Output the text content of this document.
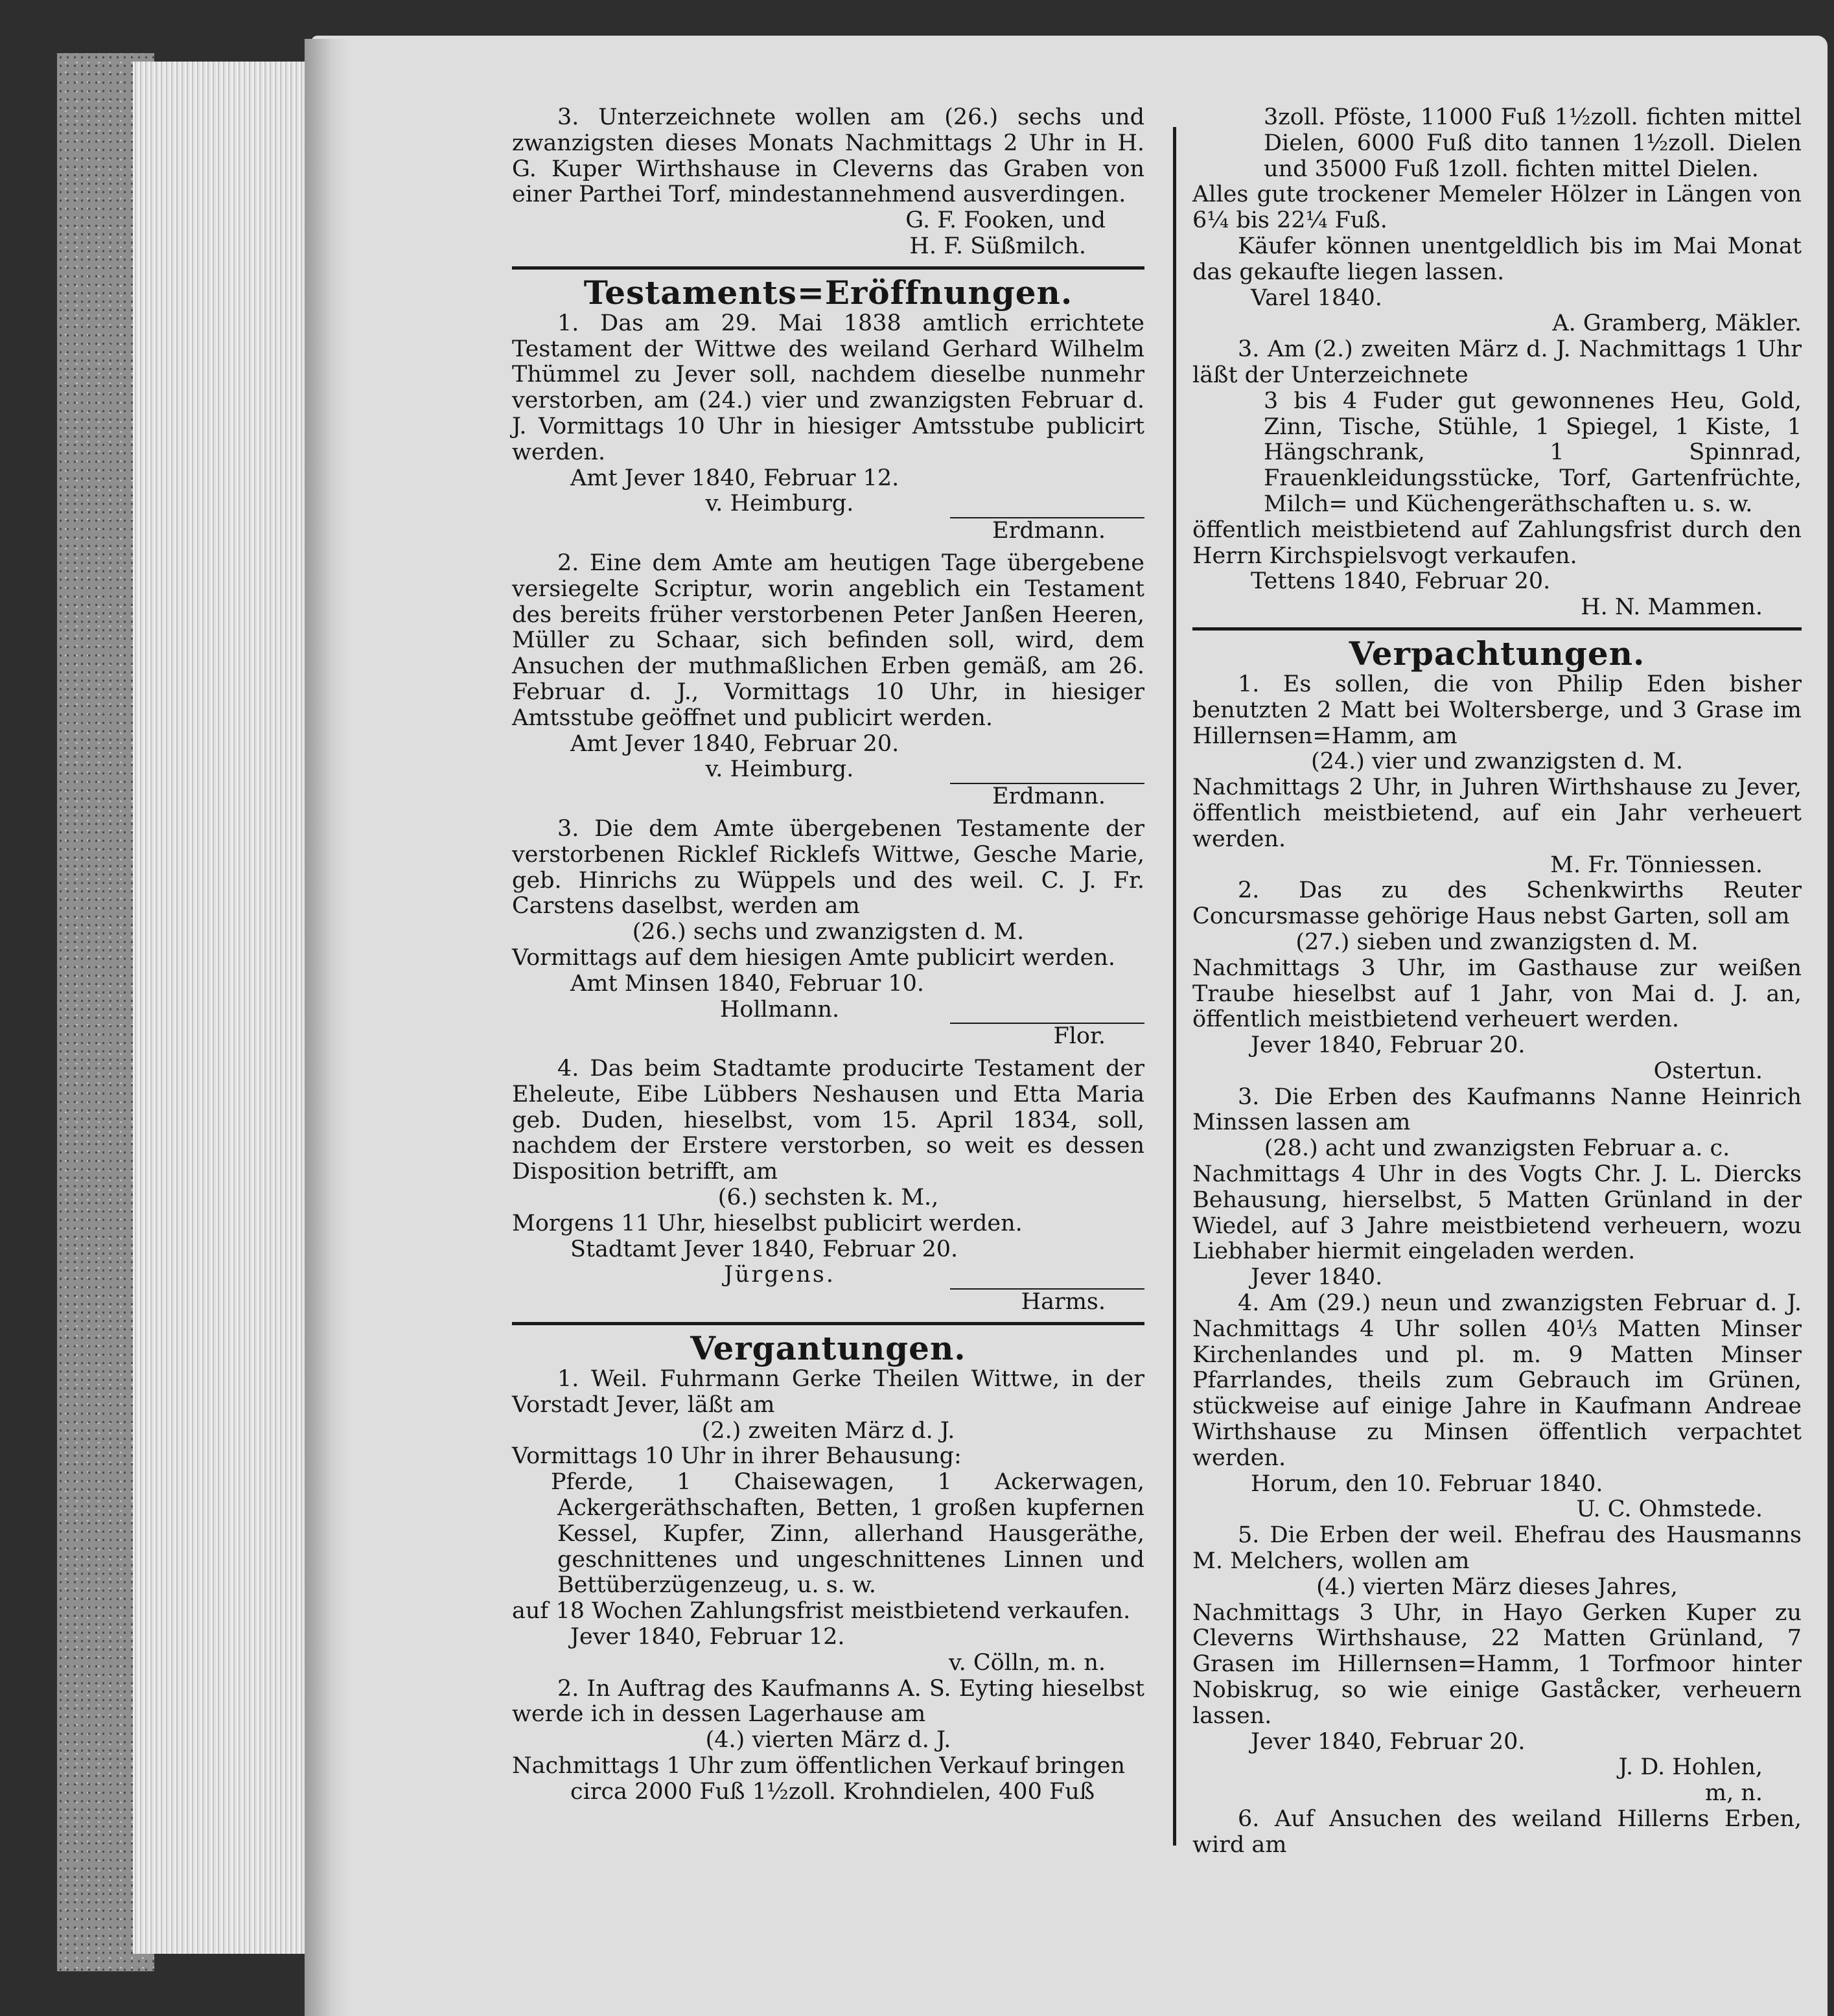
3. Unterzeichnete wollen am (26.) sechs und zwanzigsten dieses Monats Nachmittags 2 Uhr in H. G. Kuper Wirthshause in Cleverns das Graben von einer Parthei Torf, mindestannehmend ausverdingen.

G. F. Fooken, und

H. F. Süßmilch.

Testaments=Eröffnungen.

1. Das am 29. Mai 1838 amtlich errichtete Testament der Wittwe des weiland Gerhard Wilhelm Thümmel zu Jever soll, nachdem dieselbe nunmehr verstorben, am (24.) vier und zwanzigsten Februar d. J. Vormittags 10 Uhr in hiesiger Amtsstube publicirt werden.

Amt Jever 1840, Februar 12.

v. Heimburg.

Erdmann.

2. Eine dem Amte am heutigen Tage übergebene versiegelte Scriptur, worin angeblich ein Testament des bereits früher verstorbenen Peter Janßen Heeren, Müller zu Schaar, sich befinden soll, wird, dem Ansuchen der muthmaßlichen Erben gemäß, am 26. Februar d. J., Vormittags 10 Uhr, in hiesiger Amtsstube geöffnet und publicirt werden.

Amt Jever 1840, Februar 20.

v. Heimburg.

Erdmann.

3. Die dem Amte übergebenen Testamente der verstorbenen Ricklef Ricklefs Wittwe, Gesche Marie, geb. Hinrichs zu Wüppels und des weil. C. J. Fr. Carstens daselbst, werden am

(26.) sechs und zwanzigsten d. M.

Vormittags auf dem hiesigen Amte publicirt werden.

Amt Minsen 1840, Februar 10.

Hollmann.

Flor.

4. Das beim Stadtamte producirte Testament der Eheleute, Eibe Lübbers Neshausen und Etta Maria geb. Duden, hieselbst, vom 15. April 1834, soll, nachdem der Erstere verstorben, so weit es dessen Disposition betrifft, am

(6.) sechsten k. M.,

Morgens 11 Uhr, hieselbst publicirt werden.

Stadtamt Jever 1840, Februar 20.

Jürgens.

Harms.

Vergantungen.

1. Weil. Fuhrmann Gerke Theilen Wittwe, in der Vorstadt Jever, läßt am

(2.) zweiten März d. J.

Vormittags 10 Uhr in ihrer Behausung:

Pferde, 1 Chaisewagen, 1 Ackerwagen, Ackergeräthschaften, Betten, 1 großen kupfernen Kessel, Kupfer, Zinn, allerhand Hausgeräthe, geschnittenes und ungeschnittenes Linnen und Bettüberzügenzeug, u. s. w.

auf 18 Wochen Zahlungsfrist meistbietend verkaufen.

Jever 1840, Februar 12.

v. Cölln, m. n.

2. In Auftrag des Kaufmanns A. S. Eyting hieselbst werde ich in dessen Lagerhause am

(4.) vierten März d. J.

Nachmittags 1 Uhr zum öffentlichen Verkauf bringen

circa 2000 Fuß 1½zoll. Krohndielen, 400 Fuß

3zoll. Pföste, 11000 Fuß 1½zoll. fichten mittel Dielen, 6000 Fuß dito tannen 1½zoll. Dielen und 35000 Fuß 1zoll. fichten mittel Dielen.

Alles gute trockener Memeler Hölzer in Längen von 6¼ bis 22¼ Fuß.

Käufer können unentgeldlich bis im Mai Monat das gekaufte liegen lassen.

Varel 1840.

A. Gramberg, Mäkler.

3. Am (2.) zweiten März d. J. Nachmittags 1 Uhr läßt der Unterzeichnete

3 bis 4 Fuder gut gewonnenes Heu, Gold, Zinn, Tische, Stühle, 1 Spiegel, 1 Kiste, 1 Hängschrank, 1 Spinnrad, Frauenkleidungsstücke, Torf, Gartenfrüchte, Milch= und Küchengeräthschaften u. s. w.

öffentlich meistbietend auf Zahlungsfrist durch den Herrn Kirchspielsvogt verkaufen.

Tettens 1840, Februar 20.

H. N. Mammen.

Verpachtungen.

1. Es sollen, die von Philip Eden bisher benutzten 2 Matt bei Woltersberge, und 3 Grase im Hillernsen=Hamm, am

(24.) vier und zwanzigsten d. M.

Nachmittags 2 Uhr, in Juhren Wirthshause zu Jever, öffentlich meistbietend, auf ein Jahr verheuert werden.

M. Fr. Tönniessen.

2. Das zu des Schenkwirths Reuter Concursmasse gehörige Haus nebst Garten, soll am

(27.) sieben und zwanzigsten d. M.

Nachmittags 3 Uhr, im Gasthause zur weißen Traube hieselbst auf 1 Jahr, von Mai d. J. an, öffentlich meistbietend verheuert werden.

Jever 1840, Februar 20.

Ostertun.

3. Die Erben des Kaufmanns Nanne Heinrich Minssen lassen am

(28.) acht und zwanzigsten Februar a. c.

Nachmittags 4 Uhr in des Vogts Chr. J. L. Diercks Behausung, hierselbst, 5 Matten Grünland in der Wiedel, auf 3 Jahre meistbietend verheuern, wozu Liebhaber hiermit eingeladen werden.

Jever 1840.

4. Am (29.) neun und zwanzigsten Februar d. J. Nachmittags 4 Uhr sollen 40⅓ Matten Minser Kirchenlandes und pl. m. 9 Matten Minser Pfarrlandes, theils zum Gebrauch im Grünen, stückweise auf einige Jahre in Kaufmann Andreae Wirthshause zu Minsen öffentlich verpachtet werden.

Horum, den 10. Februar 1840.

U. C. Ohmstede.

5. Die Erben der weil. Ehefrau des Hausmanns M. Melchers, wollen am

(4.) vierten März dieses Jahres,

Nachmittags 3 Uhr, in Hayo Gerken Kuper zu Cleverns Wirthshause, 22 Matten Grünland, 7 Grasen im Hillernsen=Hamm, 1 Torfmoor hinter Nobiskrug, so wie einige Gaståcker, verheuern lassen.

Jever 1840, Februar 20.

J. D. Hohlen,

m, n.

6. Auf Ansuchen des weiland Hillerns Erben, wird am
